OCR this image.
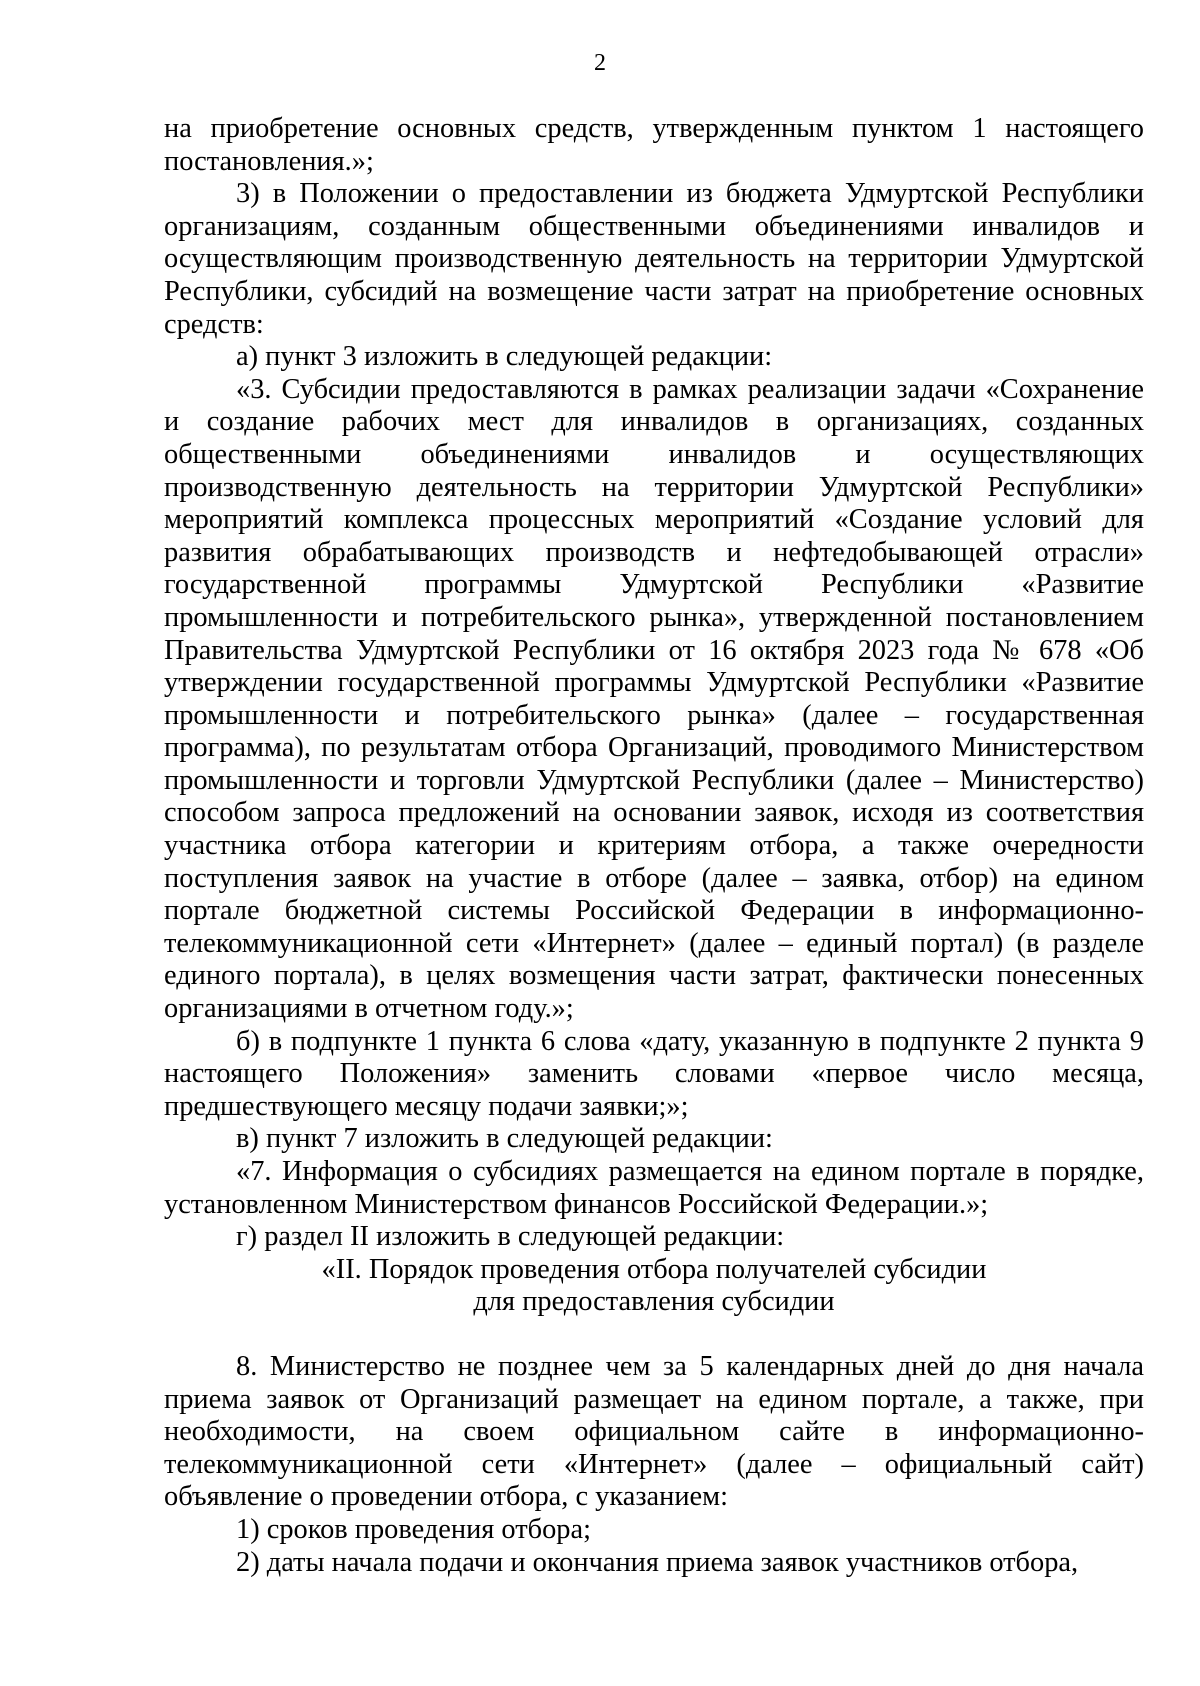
2

на приобретение основных средств, утвержденным пунктом 1 настоящего постановления.»;

3) в Положении о предоставлении из бюджета Удмуртской Республики организациям, созданным общественными объединениями инвалидов и осуществляющим производственную деятельность на территории Удмуртской Республики, субсидий на возмещение части затрат на приобретение основных средств:

а) пункт 3 изложить в следующей редакции:

«3. Субсидии предоставляются в рамках реализации задачи «Сохранение и создание рабочих мест для инвалидов в организациях, созданных общественными объединениями инвалидов и осуществляющих производственную деятельность на территории Удмуртской Республики» мероприятий комплекса процессных мероприятий «Создание условий для развития обрабатывающих производств и нефтедобывающей отрасли» государственной программы Удмуртской Республики «Развитие промышленности и потребительского рынка», утвержденной постановлением Правительства Удмуртской Республики от 16 октября 2023 года № 678 «Об утверждении государственной программы Удмуртской Республики «Развитие промышленности и потребительского рынка» (далее – государственная программа), по результатам отбора Организаций, проводимого Министерством промышленности и торговли Удмуртской Республики (далее – Министерство) способом запроса предложений на основании заявок, исходя из соответствия участника отбора категории и критериям отбора, а также очередности поступления заявок на участие в отборе (далее – заявка, отбор) на едином портале бюджетной системы Российской Федерации в информационно-телекоммуникационной сети «Интернет» (далее – единый портал) (в разделе единого портала), в целях возмещения части затрат, фактически понесенных организациями в отчетном году.»;

б) в подпункте 1 пункта 6 слова «дату, указанную в подпункте 2 пункта 9 настоящего Положения» заменить словами «первое число месяца, предшествующего месяцу подачи заявки;»;

в) пункт 7 изложить в следующей редакции:

«7. Информация о субсидиях размещается на едином портале в порядке, установленном Министерством финансов Российской Федерации.»;

г) раздел II изложить в следующей редакции:

«II. Порядок проведения отбора получателей субсидии

для предоставления субсидии

8. Министерство не позднее чем за 5 календарных дней до дня начала приема заявок от Организаций размещает на едином портале, а также, при необходимости, на своем официальном сайте в информационно-телекоммуникационной сети «Интернет» (далее – официальный сайт) объявление о проведении отбора, с указанием:

1) сроков проведения отбора;

2) даты начала подачи и окончания приема заявок участников отбора,
